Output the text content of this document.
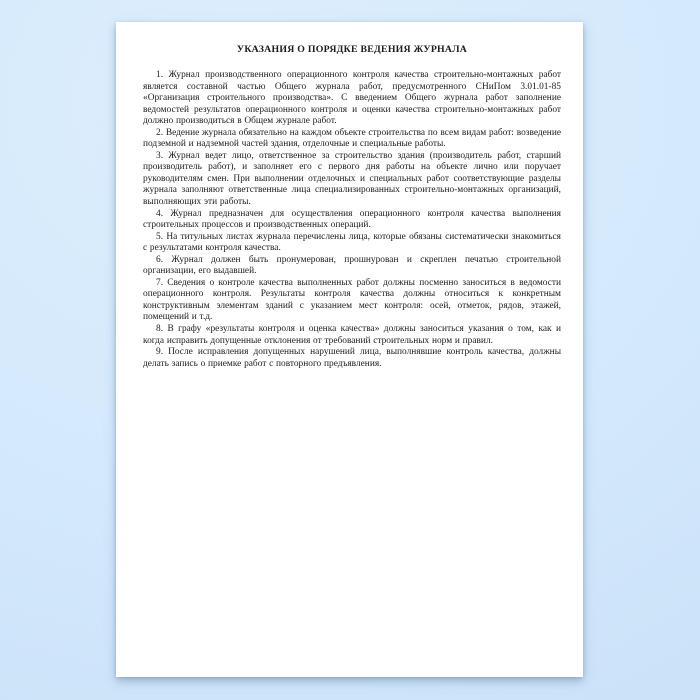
УКАЗАНИЯ О ПОРЯДКЕ ВЕДЕНИЯ ЖУРНАЛА

1. Журнал производственного операционного контроля качества строительно-монтажных работ является составной частью Общего журнала работ, предусмотренного СНиПом 3.01.01-85 «Организация строительного производства». С введением Общего журнала работ заполнение ведомостей результатов операционного контроля и оценки качества строительно-монтажных работ должно производиться в Общем журнале работ.

2. Ведение журнала обязательно на каждом объекте строительства по всем видам работ: возведение подземной и надземной частей здания, отделочные и специальные работы.

3. Журнал ведет лицо, ответственное за строительство здания (производитель работ, старший производитель работ), и заполняет его с первого дня работы на объекте лично или поручает руководителям смен. При выполнении отделочных и специальных работ соответствующие разделы журнала заполняют ответственные лица специализированных строительно-монтажных организаций, выполняющих эти работы.

4. Журнал предназначен для осуществления операционного контроля качества выполнения строительных процессов и производственных операций.

5. На титульных листах журнала перечислены лица, которые обязаны систематически знакомиться с результатами контроля качества.

6. Журнал должен быть пронумерован, прошнурован и скреплен печатью строительной организации, его выдавшей.

7. Сведения о контроле качества выполненных работ должны посменно заноситься в ведомости операционного контроля. Результаты контроля качества должны относиться к конкретным конструктивным элементам зданий с указанием мест контроля: осей, отметок, рядов, этажей, помещений и т.д.

8. В графу «результаты контроля и оценка качества» должны заноситься указания о том, как и когда исправить допущенные отклонения от требований строительных норм и правил.

9. После исправления допущенных нарушений лица, выполнявшие контроль качества, должны делать запись о приемке работ с повторного предъявления.
